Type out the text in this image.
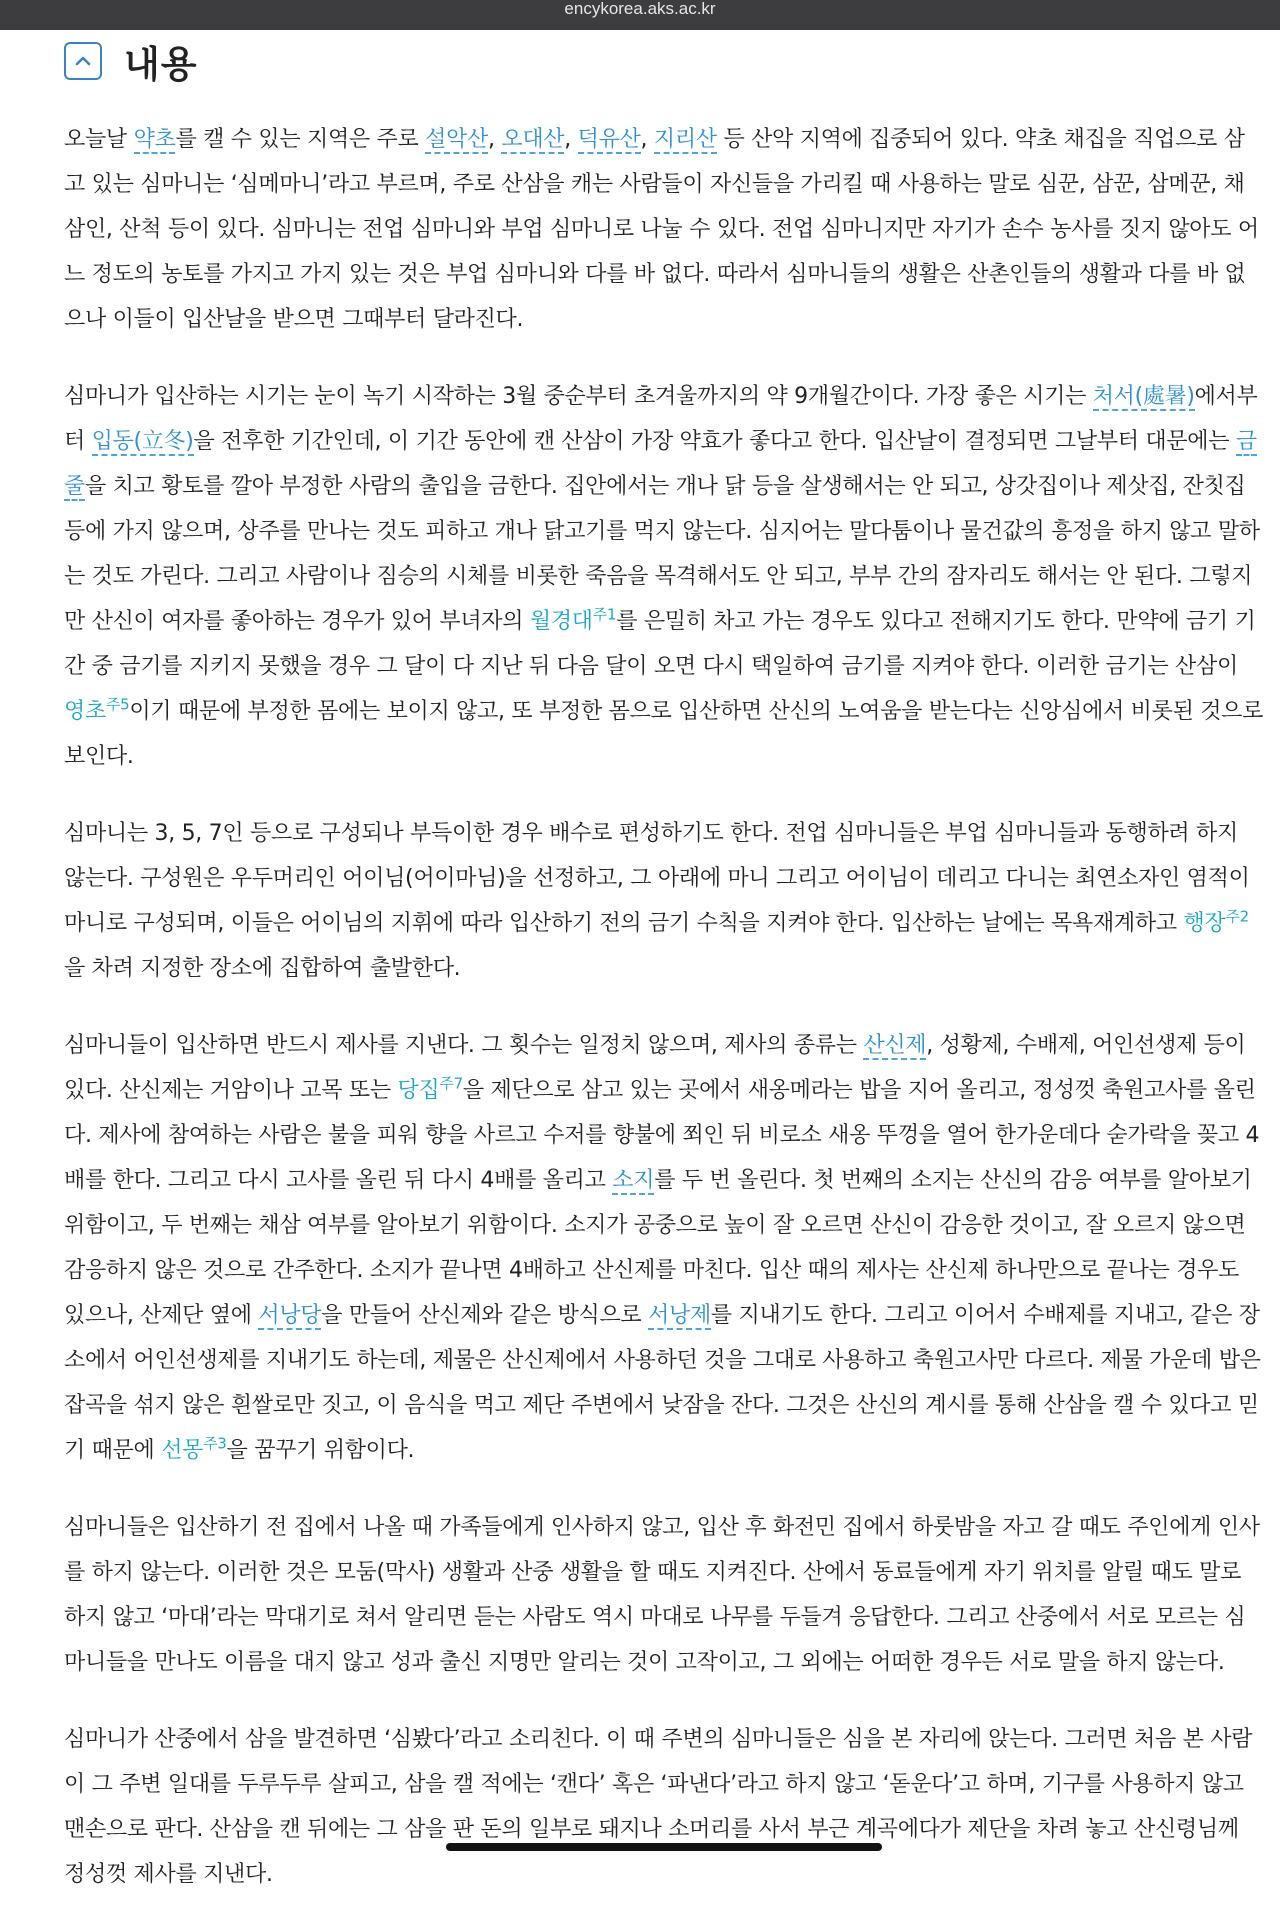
encykorea.aks.ac.kr
내용

오늘날 약초를 캘 수 있는 지역은 주로 설악산, 오대산, 덕유산, 지리산 등 산악 지역에 집중되어 있다. 약초 채집을 직업으로 삼고 있는 심마니는 ‘심메마니’라고 부르며, 주로 산삼을 캐는 사람들이 자신들을 가리킬 때 사용하는 말로 심꾼, 삼꾼, 삼메꾼, 채삼인, 산척 등이 있다. 심마니는 전업 심마니와 부업 심마니로 나눌 수 있다. 전업 심마니지만 자기가 손수 농사를 짓지 않아도 어느 정도의 농토를 가지고 가지 있는 것은 부업 심마니와 다를 바 없다. 따라서 심마니들의 생활은 산촌인들의 생활과 다를 바 없으나 이들이 입산날을 받으면 그때부터 달라진다.

심마니가 입산하는 시기는 눈이 녹기 시작하는 3월 중순부터 초겨울까지의 약 9개월간이다. 가장 좋은 시기는 처서(處暑)에서부터 입동(立冬)을 전후한 기간인데, 이 기간 동안에 캔 산삼이 가장 약효가 좋다고 한다. 입산날이 결정되면 그날부터 대문에는 금줄을 치고 황토를 깔아 부정한 사람의 출입을 금한다. 집안에서는 개나 닭 등을 살생해서는 안 되고, 상갓집이나 제삿집, 잔칫집 등에 가지 않으며, 상주를 만나는 것도 피하고 개나 닭고기를 먹지 않는다. 심지어는 말다툼이나 물건값의 흥정을 하지 않고 말하는 것도 가린다. 그리고 사람이나 짐승의 시체를 비롯한 죽음을 목격해서도 안 되고, 부부 간의 잠자리도 해서는 안 된다. 그렇지만 산신이 여자를 좋아하는 경우가 있어 부녀자의 월경대$^{주1}$를 은밀히 차고 가는 경우도 있다고 전해지기도 한다. 만약에 금기 기간 중 금기를 지키지 못했을 경우 그 달이 다 지난 뒤 다음 달이 오면 다시 택일하여 금기를 지켜야 한다. 이러한 금기는 산삼이 영초$^{주5}$이기 때문에 부정한 몸에는 보이지 않고, 또 부정한 몸으로 입산하면 산신의 노여움을 받는다는 신앙심에서 비롯된 것으로 보인다.

심마니는 3, 5, 7인 등으로 구성되나 부득이한 경우 배수로 편성하기도 한다. 전업 심마니들은 부업 심마니들과 동행하려 하지 않는다. 구성원은 우두머리인 어이님(어이마님)을 선정하고, 그 아래에 마니 그리고 어이님이 데리고 다니는 최연소자인 염적이마니로 구성되며, 이들은 어이님의 지휘에 따라 입산하기 전의 금기 수칙을 지켜야 한다. 입산하는 날에는 목욕재계하고 행장$^{주2}$을 차려 지정한 장소에 집합하여 출발한다.

심마니들이 입산하면 반드시 제사를 지낸다. 그 횟수는 일정치 않으며, 제사의 종류는 산신제, 성황제, 수배제, 어인선생제 등이 있다. 산신제는 거암이나 고목 또는 당집$^{주7}$을 제단으로 삼고 있는 곳에서 새옹메라는 밥을 지어 올리고, 정성껏 축원고사를 올린다. 제사에 참여하는 사람은 불을 피워 향을 사르고 수저를 향불에 쬐인 뒤 비로소 새옹 뚜껑을 열어 한가운데다 숟가락을 꽂고 4배를 한다. 그리고 다시 고사를 올린 뒤 다시 4배를 올리고 소지를 두 번 올린다. 첫 번째의 소지는 산신의 감응 여부를 알아보기 위함이고, 두 번째는 채삼 여부를 알아보기 위함이다. 소지가 공중으로 높이 잘 오르면 산신이 감응한 것이고, 잘 오르지 않으면 감응하지 않은 것으로 간주한다. 소지가 끝나면 4배하고 산신제를 마친다. 입산 때의 제사는 산신제 하나만으로 끝나는 경우도 있으나, 산제단 옆에 서낭당을 만들어 산신제와 같은 방식으로 서낭제를 지내기도 한다. 그리고 이어서 수배제를 지내고, 같은 장소에서 어인선생제를 지내기도 하는데, 제물은 산신제에서 사용하던 것을 그대로 사용하고 축원고사만 다르다. 제물 가운데 밥은 잡곡을 섞지 않은 흰쌀로만 짓고, 이 음식을 먹고 제단 주변에서 낮잠을 잔다. 그것은 산신의 계시를 통해 산삼을 캘 수 있다고 믿기 때문에 선몽$^{주3}$을 꿈꾸기 위함이다.

심마니들은 입산하기 전 집에서 나올 때 가족들에게 인사하지 않고, 입산 후 화전민 집에서 하룻밤을 자고 갈 때도 주인에게 인사를 하지 않는다. 이러한 것은 모둠(막사) 생활과 산중 생활을 할 때도 지켜진다. 산에서 동료들에게 자기 위치를 알릴 때도 말로 하지 않고 ‘마대’라는 막대기로 쳐서 알리면 듣는 사람도 역시 마대로 나무를 두들겨 응답한다. 그리고 산중에서 서로 모르는 심마니들을 만나도 이름을 대지 않고 성과 출신 지명만 알리는 것이 고작이고, 그 외에는 어떠한 경우든 서로 말을 하지 않는다.

심마니가 산중에서 삼을 발견하면 ‘심봤다’라고 소리친다. 이 때 주변의 심마니들은 심을 본 자리에 앉는다. 그러면 처음 본 사람이 그 주변 일대를 두루두루 살피고, 삼을 캘 적에는 ‘캔다’ 혹은 ‘파낸다’라고 하지 않고 ‘돋운다’고 하며, 기구를 사용하지 않고 맨손으로 판다. 산삼을 캔 뒤에는 그 삼을 판 돈의 일부로 돼지나 소머리를 사서 부근 계곡에다가 제단을 차려 놓고 산신령님께 정성껏 제사를 지낸다.
